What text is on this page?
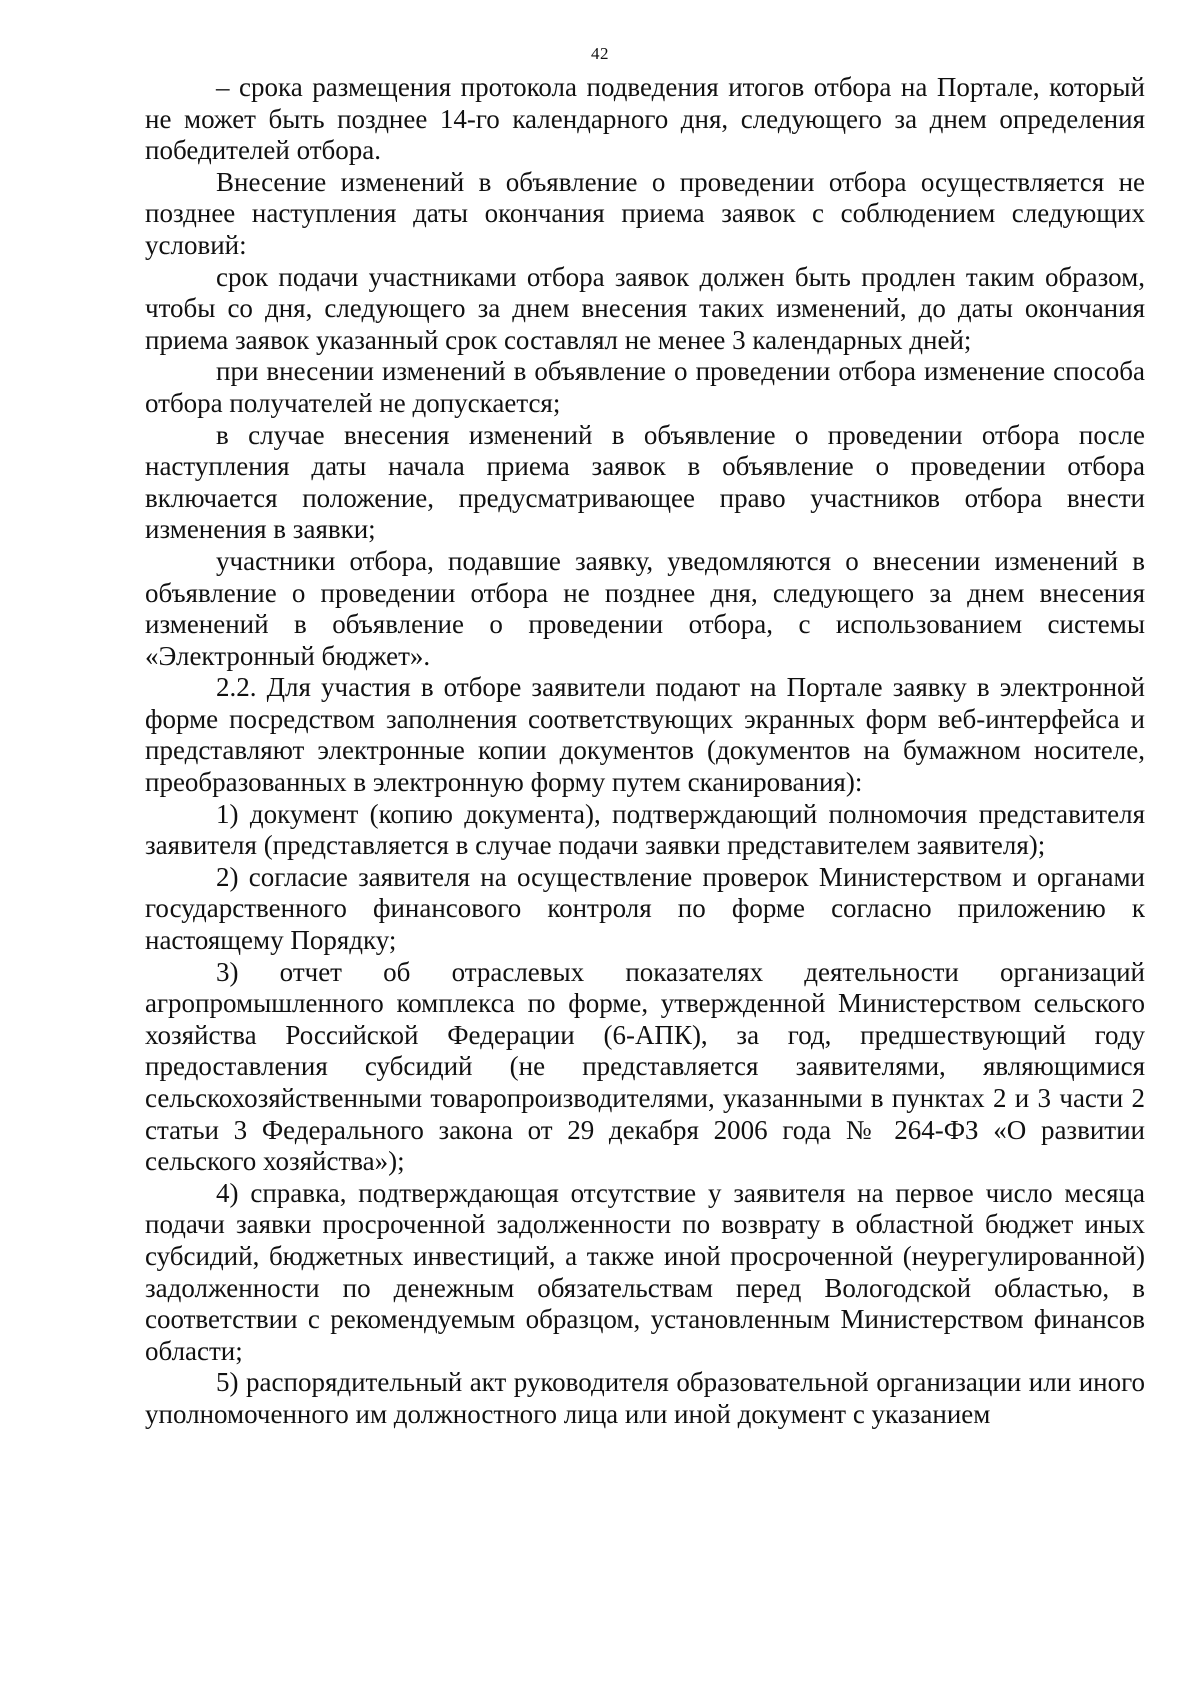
42

– срока размещения протокола подведения итогов отбора на Портале, который не может быть позднее 14-го календарного дня, следующего за днем определения победителей отбора.

Внесение изменений в объявление о проведении отбора осуществляется не позднее наступления даты окончания приема заявок с соблюдением следующих условий:

срок подачи участниками отбора заявок должен быть продлен таким образом, чтобы со дня, следующего за днем внесения таких изменений, до даты окончания приема заявок указанный срок составлял не менее 3 календарных дней;

при внесении изменений в объявление о проведении отбора изменение способа отбора получателей не допускается;

в случае внесения изменений в объявление о проведении отбора после наступления даты начала приема заявок в объявление о проведении отбора включается положение, предусматривающее право участников отбора внести изменения в заявки;

участники отбора, подавшие заявку, уведомляются о внесении изменений в объявление о проведении отбора не позднее дня, следующего за днем внесения изменений в объявление о проведении отбора, с использованием системы «Электронный бюджет».

2.2. Для участия в отборе заявители подают на Портале заявку в электронной форме посредством заполнения соответствующих экранных форм веб-интерфейса и представляют электронные копии документов (документов на бумажном носителе, преобразованных в электронную форму путем сканирования):

1) документ (копию документа), подтверждающий полномочия представителя заявителя (представляется в случае подачи заявки представителем заявителя);

2) согласие заявителя на осуществление проверок Министерством и органами государственного финансового контроля по форме согласно приложению к настоящему Порядку;

3) отчет об отраслевых показателях деятельности организаций агропромышленного комплекса по форме, утвержденной Министерством сельского хозяйства Российской Федерации (6-АПК), за год, предшествующий году предоставления субсидий (не представляется заявителями, являющимися сельскохозяйственными товаропроизводителями, указанными в пунктах 2 и 3 части 2 статьи 3 Федерального закона от 29 декабря 2006 года № 264-ФЗ «О развитии сельского хозяйства»);

4) справка, подтверждающая отсутствие у заявителя на первое число месяца подачи заявки просроченной задолженности по возврату в областной бюджет иных субсидий, бюджетных инвестиций, а также иной просроченной (неурегулированной) задолженности по денежным обязательствам перед Вологодской областью, в соответствии с рекомендуемым образцом, установленным Министерством финансов области;

5) распорядительный акт руководителя образовательной организации или иного уполномоченного им должностного лица или иной документ с указанием
